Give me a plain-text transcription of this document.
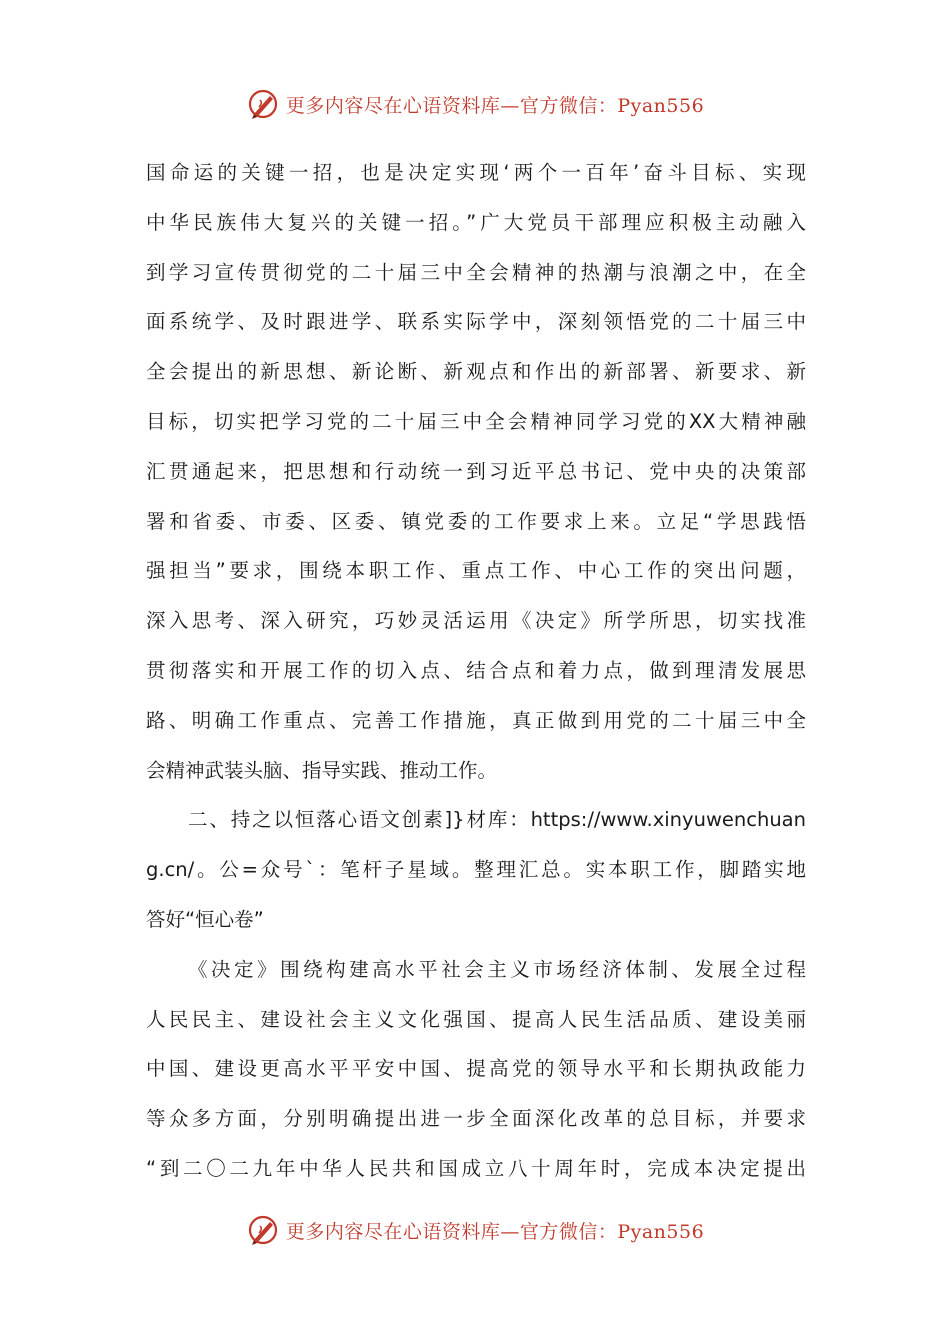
更多内容尽在心语资料库—官方微信：Pyan556
国命运的关键一招，也是决定实现‘两个一百年’奋斗目标、实现
中华民族伟大复兴的关键一招。”广大党员干部理应积极主动融入
到学习宣传贯彻党的二十届三中全会精神的热潮与浪潮之中，在全
面系统学、及时跟进学、联系实际学中，深刻领悟党的二十届三中
全会提出的新思想、新论断、新观点和作出的新部署、新要求、新
目标，切实把学习党的二十届三中全会精神同学习党的XX大精神融
汇贯通起来，把思想和行动统一到习近平总书记、党中央的决策部
署和省委、市委、区委、镇党委的工作要求上来。立足“学思践悟
强担当”要求，围绕本职工作、重点工作、中心工作的突出问题，
深入思考、深入研究，巧妙灵活运用《决定》所学所思，切实找准
贯彻落实和开展工作的切入点、结合点和着力点，做到理清发展思
路、明确工作重点、完善工作措施，真正做到用党的二十届三中全
会精神武装头脑、指导实践、推动工作。
二、持之以恒落心语文创素]}材库：https://www.xinyuwenchuan
g.cn/。公=众号`：笔杆子星域。整理汇总。实本职工作，脚踏实地
答好“恒心卷”
《决定》围绕构建高水平社会主义市场经济体制、发展全过程
人民民主、建设社会主义文化强国、提高人民生活品质、建设美丽
中国、建设更高水平平安中国、提高党的领导水平和长期执政能力
等众多方面，分别明确提出进一步全面深化改革的总目标，并要求
“到二〇二九年中华人民共和国成立八十周年时，完成本决定提出
更多内容尽在心语资料库—官方微信：Pyan556
